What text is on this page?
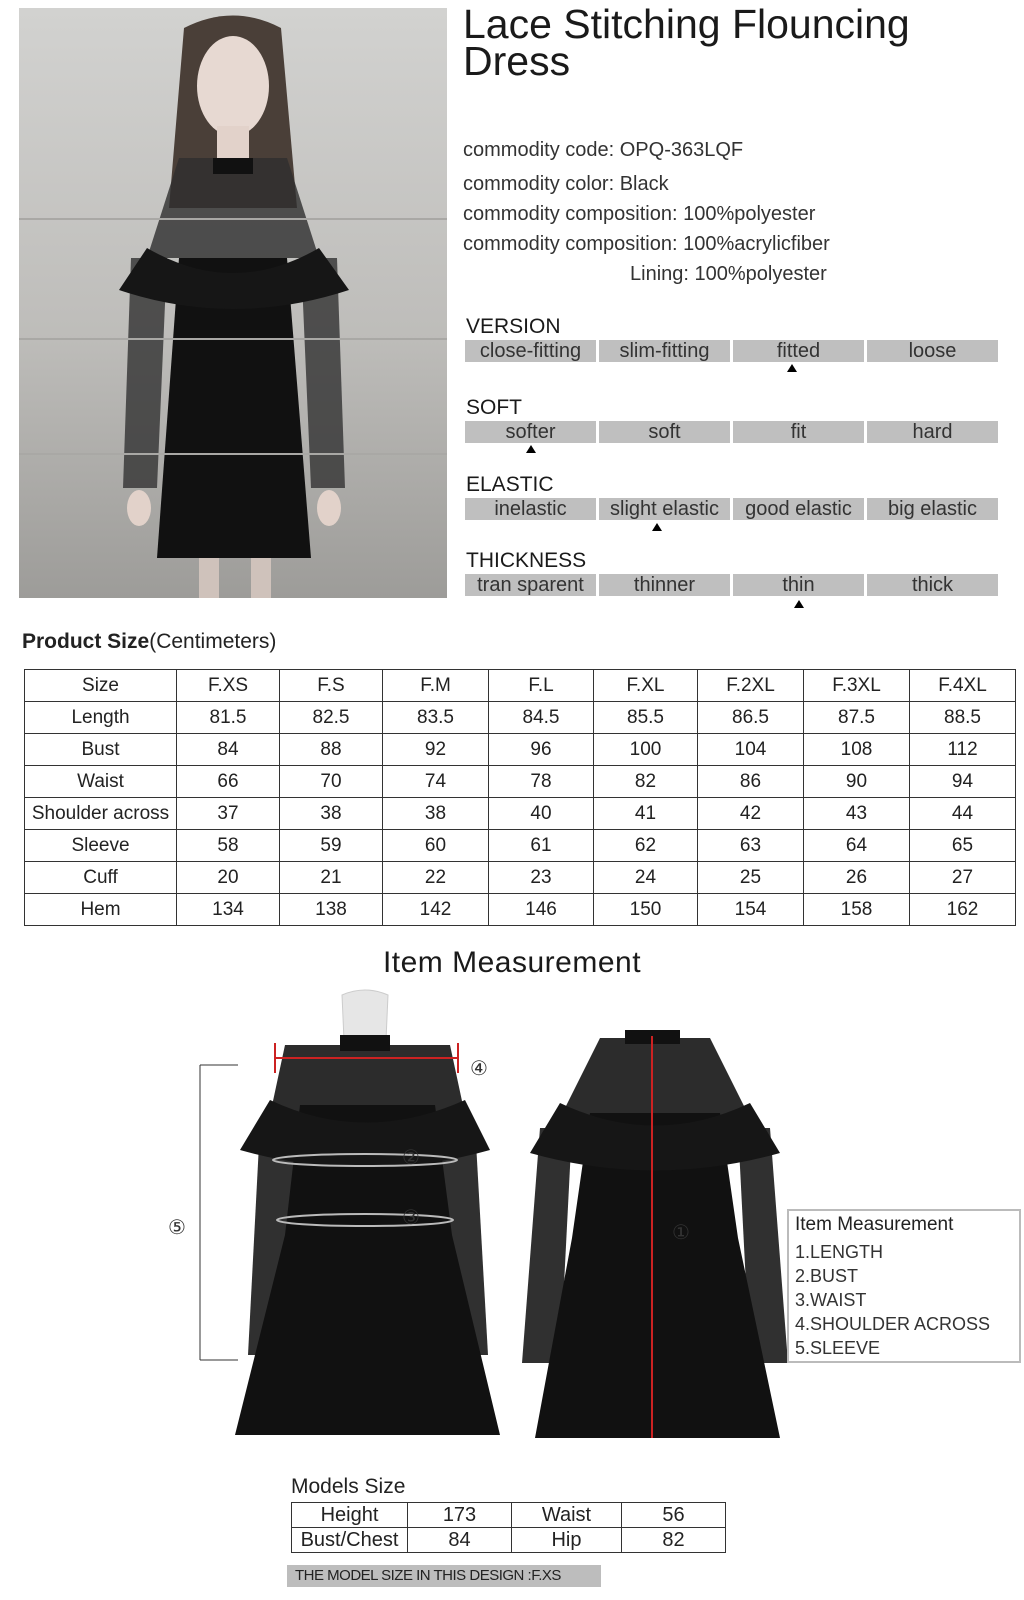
Lace Stitching Flouncing Dress
commodity code: OPQ-363LQF
commodity color: Black
commodity composition: 100%polyester
commodity composition: 100%acrylicfiber
Lining: 100%polyester
VERSION
close-fitting	slim-fitting	fitted	loose
SOFT
softer	soft	fit	hard
ELASTIC
inelastic	slight elastic	good elastic	big elastic
THICKNESS
tran sparent	thinner	thin	thick
Product Size(Centimeters)
Size	F.XS	F.S	F.M	F.L	F.XL	F.2XL	F.3XL	F.4XL
Length	81.5	82.5	83.5	84.5	85.5	86.5	87.5	88.5
Bust	84	88	92	96	100	104	108	112
Waist	66	70	74	78	82	86	90	94
Shoulder across	37	38	38	40	41	42	43	44
Sleeve	58	59	60	61	62	63	64	65
Cuff	20	21	22	23	24	25	26	27
Hem	134	138	142	146	150	154	158	162
Item Measurement
④
②
③
⑤	①	Item Measurement
1.LENGTH
2.BUST
3.WAIST
4.SHOULDER ACROSS
5.SLEEVE
Models Size
Height	173	Waist	56
Bust/Chest	84	Hip	82
THE MODEL SIZE IN THIS DESIGN :F.XS
